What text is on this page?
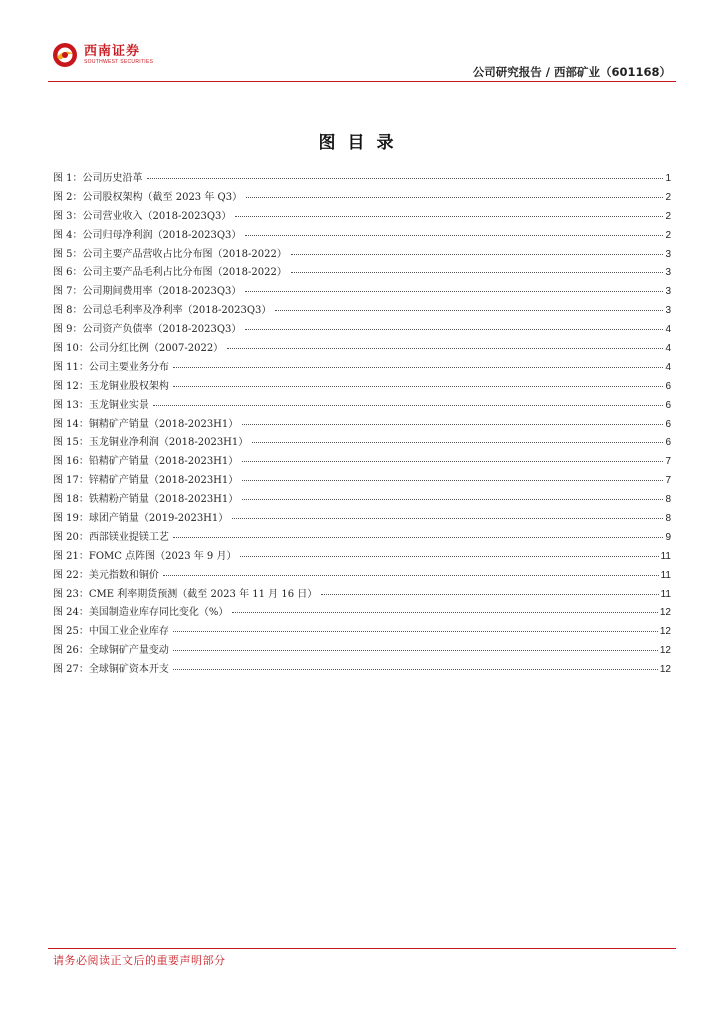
西南证券
SOUTHWEST SECURITIES
公司研究报告 / 西部矿业（601168）
图目录
图 1：公司历史沿革	1
图 2：公司股权架构（截至 2023 年 Q3）	2
图 3：公司营业收入（2018-2023Q3）	2
图 4：公司归母净利润（2018-2023Q3）	2
图 5：公司主要产品营收占比分布图（2018-2022）	3
图 6：公司主要产品毛利占比分布图（2018-2022）	3
图 7：公司期间费用率（2018-2023Q3）	3
图 8：公司总毛利率及净利率（2018-2023Q3）	3
图 9：公司资产负债率（2018-2023Q3）	4
图 10：公司分红比例（2007-2022）	4
图 11：公司主要业务分布	4
图 12：玉龙铜业股权架构	6
图 13：玉龙铜业实景	6
图 14：铜精矿产销量（2018-2023H1）	6
图 15：玉龙铜业净利润（2018-2023H1）	6
图 16：铅精矿产销量（2018-2023H1）	7
图 17：锌精矿产销量（2018-2023H1）	7
图 18：铁精粉产销量（2018-2023H1）	8
图 19：球团产销量（2019-2023H1）	8
图 20：西部镁业提镁工艺	9
图 21：FOMC 点阵图（2023 年 9 月）	11
图 22：美元指数和铜价	11
图 23：CME 利率期货预测（截至 2023 年 11 月 16 日）	11
图 24：美国制造业库存同比变化（%）	12
图 25：中国工业企业库存	12
图 26：全球铜矿产量变动	12
图 27：全球铜矿资本开支	12
请务必阅读正文后的重要声明部分
